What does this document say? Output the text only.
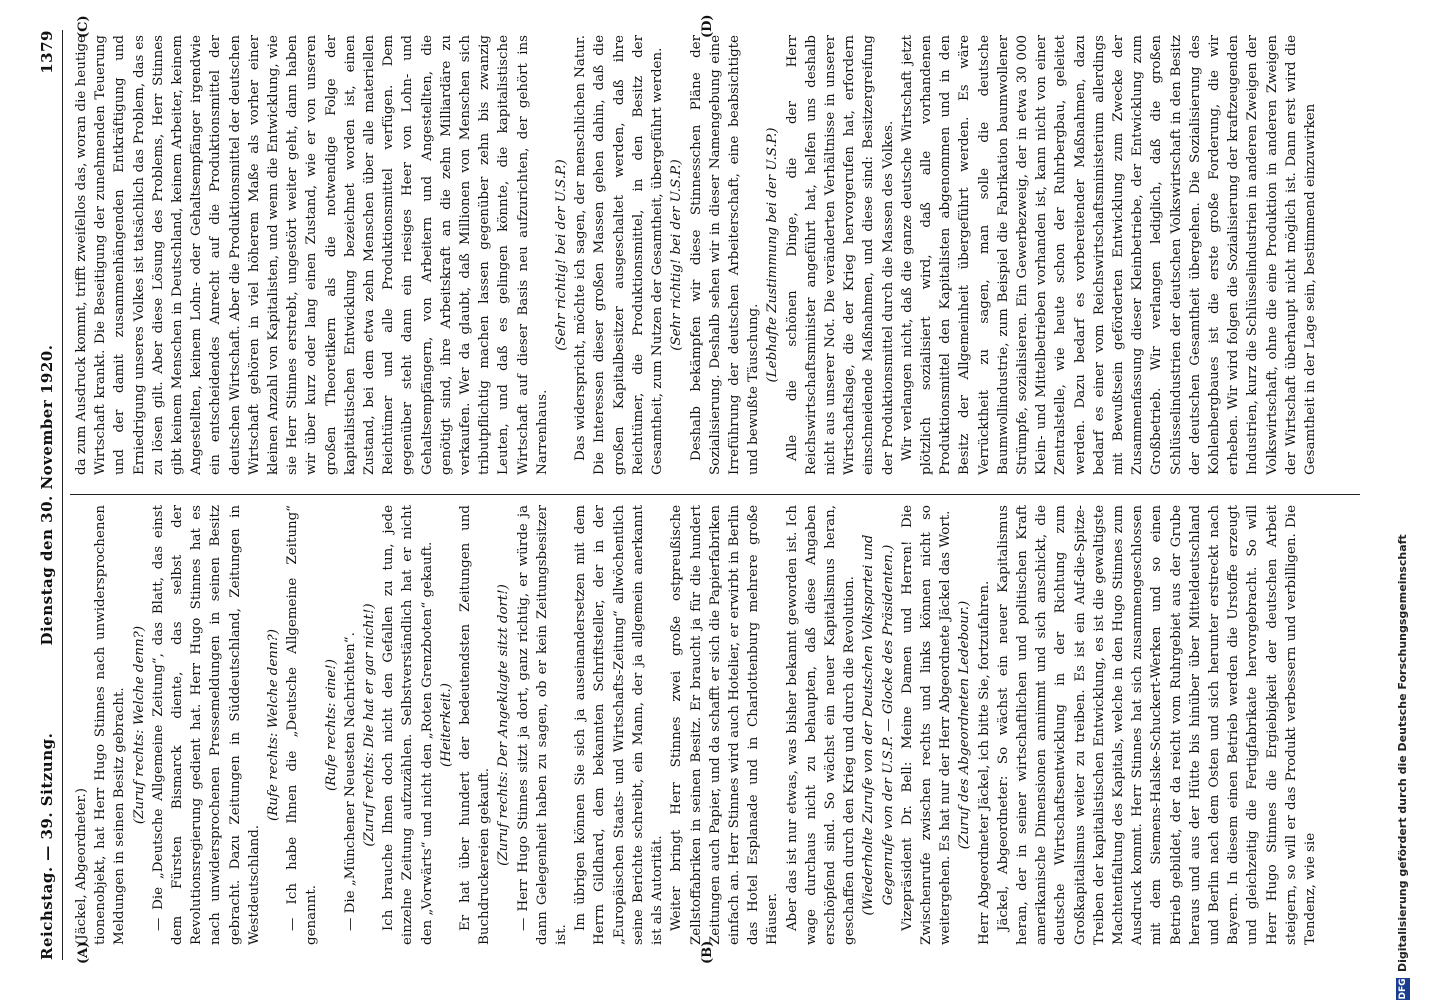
Reichstag. — 39. Sitzung.
Dienstag den 30. November 1920.
1379
(A)	(B)
(C)	(D)

(Jäckel, Abgeordneter.) tionenobjekt, hat Herr Hugo Stinnes nach unwidersprochenen Meldungen in seinen Besitz gebracht. (Zuruf rechts: Welche denn?) — Die „Deutsche Allgemeine Zeitung“, das Blatt, das einst dem Fürsten Bismarck diente, das selbst der Revolutionsregierung gedient hat. Herr Hugo Stinnes hat es nach unwidersprochenen Pressemeldungen in seinen Besitz gebracht. Dazu Zeitungen in Süddeutschland, Zeitungen in Westdeutschland.

(Rufe rechts: Welche denn?) — Ich habe Ihnen die „Deutsche Allgemeine Zeitung“ genannt.

(Rufe rechts: eine!) — Die „Münchener Neuesten Nachrichten“. (Zuruf rechts: Die hat er gar nicht!) Ich brauche Ihnen doch nicht den Gefallen zu tun, jede einzelne Zeitung aufzuzählen. Selbstverständlich hat er nicht den „Vorwärts“ und nicht den „Roten Grenzboten“ gekauft. (Heiterkeit.) Er hat über hundert der bedeutendsten Zeitungen und Buchdruckereien gekauft. (Zuruf rechts: Der Angeklagte sitzt dort!) — Herr Hugo Stinnes sitzt ja dort, ganz richtig, er würde ja dann Gelegenheit haben zu sagen, ob er kein Zeitungsbesitzer ist.

Im übrigen können Sie sich ja auseinandersetzen mit dem Herrn Gildhard, dem bekannten Schriftsteller, der in der „Europäischen Staats- und Wirtschafts-Zeitung“ allwöchentlich seine Berichte schreibt, ein Mann, der ja allgemein anerkannt ist als Autorität. Weiter bringt Herr Stinnes zwei große ostpreußische Zellstoffabriken in seinen Besitz. Er braucht ja für die hundert Zeitungen auch Papier, und da schafft er sich die Papierfabriken einfach an. Herr Stinnes wird auch Hotelier, er erwirbt in Berlin das Hotel Esplanade und in Charlottenburg mehrere große Häuser. Aber das ist nur etwas, was bisher bekannt geworden ist. Ich wage durchaus nicht zu behaupten, daß diese Angaben erschöpfend sind. So wächst ein neuer Kapitalismus heran, geschaffen durch den Krieg und durch die Revolution. (Wiederholte Zurufe von der Deutschen Volkspartei und Gegenrufe von der U.S.P. — Glocke des Präsidenten.) Vizepräsident Dr. Bell: Meine Damen und Herren! Die Zwischenrufe zwischen rechts und links können nicht so weitergehen. Es hat nur der Herr Abgeordnete Jäckel das Wort. (Zuruf des Abgeordneten Ledebour.) Herr Abgeordneter Jäckel, ich bitte Sie, fortzufahren. Jäckel, Abgeordneter: So wächst ein neuer Kapitalismus heran, der in seiner wirtschaftlichen und politischen Kraft amerikanische Dimensionen annimmt und sich anschickt, die deutsche Wirtschaftsentwicklung in der Richtung zum Großkapitalismus weiter zu treiben. Es ist ein Auf-die-Spitze-Treiben der kapitalistischen Entwicklung, es ist die gewaltigste Machtentfaltung des Kapitals, welche in den Hugo Stinnes zum Ausdruck kommt. Herr Stinnes hat sich zusammengeschlossen mit dem Siemens-Halske-Schuckert-Werken und so einen Betrieb gebildet, der da reicht vom Ruhrgebiet aus der Grube heraus und aus der Hütte bis hinüber über Mitteldeutschland und Berlin nach dem Osten und sich herunter erstreckt nach Bayern. In diesem einen Betrieb werden die Urstoffe erzeugt und gleichzeitig die Fertigfabrikate hervorgebracht. So will Herr Hugo Stinnes die Ergiebigkeit der deutschen Arbeit steigern, so will er das Produkt verbessern und verbilligen. Die Tendenz, wie sie

da zum Ausdruck kommt, trifft zweifellos das, woran die heutige Wirtschaft krankt. Die Beseitigung der zunehmenden Teuerung und der damit zusammenhängenden Entkräftigung und Erniedrigung unseres Volkes ist tatsächlich das Problem, das es zu lösen gilt. Aber diese Lösung des Problems, Herr Stinnes gibt keinem Menschen in Deutschland, keinem Arbeiter, keinem Angestellten, keinem Lohn- oder Gehaltsempfänger irgendwie ein entscheidendes Anrecht auf die Produktionsmittel der deutschen Wirtschaft. Aber die Produktionsmittel der deutschen Wirtschaft gehören in viel höherem Maße als vorher einer kleinen Anzahl von Kapitalisten, und wenn die Entwicklung, wie sie Herr Stinnes erstrebt, ungestört weiter geht, dann haben wir über kurz oder lang einen Zustand, wie er von unseren großen Theoretikern als die notwendige Folge der kapitalistischen Entwicklung bezeichnet worden ist, einen Zustand, bei dem etwa zehn Menschen über alle materiellen Reichtümer und alle Produktionsmittel verfügen. Dem gegenüber steht dann ein riesiges Heer von Lohn- und Gehaltsempfängern, von Arbeitern und Angestellten, die genötigt sind, ihre Arbeitskraft an die zehn Milliardäre zu verkaufen. Wer da glaubt, daß Millionen von Menschen sich tributpflichtig machen lassen gegenüber zehn bis zwanzig Leuten, und daß es gelingen könnte, die kapitalistische Wirtschaft auf dieser Basis neu aufzurichten, der gehört ins Narrenhaus.

(Sehr richtig! bei der U.S.P.) Das widerspricht, möchte ich sagen, der menschlichen Natur. Die Interessen dieser großen Massen gehen dahin, daß die großen Kapitalbesitzer ausgeschaltet werden, daß ihre Reichtümer, die Produktionsmittel, in den Besitz der Gesamtheit, zum Nutzen der Gesamtheit, übergeführt werden. (Sehr richtig! bei der U.S.P.) Deshalb bekämpfen wir diese Stinnesschen Pläne der Sozialisierung. Deshalb sehen wir in dieser Namengebung eine Irreführung der deutschen Arbeiterschaft, eine beabsichtigte und bewußte Täuschung.

(Lebhafte Zustimmung bei der U.S.P.) Alle die schönen Dinge, die der Herr Reichswirtschaftsminister angeführt hat, helfen uns deshalb nicht aus unserer Not. Die veränderten Verhältnisse in unserer Wirtschaftslage, die der Krieg hervorgerufen hat, erfordern einschneidende Maßnahmen, und diese sind: Besitzergreifung der Produktionsmittel durch die Massen des Volkes. Wir verlangen nicht, daß die ganze deutsche Wirtschaft jetzt plötzlich sozialisiert wird, daß alle vorhandenen Produktionsmittel den Kapitalisten abgenommen und in den Besitz der Allgemeinheit übergeführt werden. Es wäre Verrücktheit zu sagen, man solle die deutsche Baumwollindustrie, zum Beispiel die Fabrikation baumwollener Strümpfe, sozialisieren. Ein Gewerbezweig, der in etwa 30 000 Klein- und Mittelbetrieben vorhanden ist, kann nicht von einer Zentralstelle, wie heute schon der Ruhrbergbau, geleitet werden. Dazu bedarf es vorbereitender Maßnahmen, dazu bedarf es einer vom Reichswirtschaftsministerium allerdings mit Bewußtsein geförderten Entwicklung zum Zwecke der Zusammenfassung dieser Kleinbetriebe, der Entwicklung zum Großbetrieb. Wir verlangen lediglich, daß die großen Schlüsselindustrien der deutschen Volkswirtschaft in den Besitz der deutschen Gesamtheit übergehen. Die Sozialisierung des Kohlenbergbaues ist die erste große Forderung, die wir erheben. Wir wird folgen die Sozialisierung der kraftzeugenden Industrien, kurz die Schlüsselindustrien in anderen Zweigen der Volkswirtschaft, ohne die eine Produktion in anderen Zweigen der Wirtschaft überhaupt nicht möglich ist. Dann erst wird die Gesamtheit in der Lage sein, bestimmend einzuwirken

DFG
Digitalisierung gefördert durch die Deutsche Forschungsgemeinschaft
